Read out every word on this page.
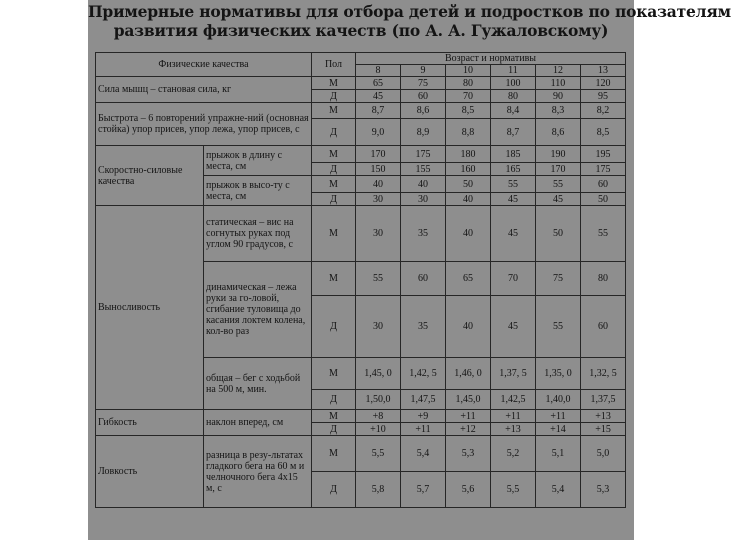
Примерные нормативы для отбора детей и подростков по показателям
развития физических качеств (по А. А. Гужаловскому)
Физические качества		Пол	Возраст и нормативы					
			8	9	10	11	12	13
Сила мышц – становая сила, кг		М	65	75	80	100	110	120
		Д	45	60	70	80	90	95
Быстрота – 6 повторений упражне-ний (основная стойка) упор присев, упор лежа, упор присев, с		М	8,7	8,6	8,5	8,4	8,3	8,2
		Д	9,0	8,9	8,8	8,7	8,6	8,5
Скоростно-силовые качества	прыжок в длину с места, см	М	170	175	180	185	190	195
		Д	150	155	160	165	170	175
	прыжок в высо-ту с места, см	М	40	40	50	55	55	60
		Д	30	30	40	45	45	50
Выносливость	статическая – вис на согнутых руках под углом 90 градусов, с	М	30	35	40	45	50	55
	динамическая – лежа руки за го-ловой, сгибание туловища до касания локтем колена, кол-во раз	М	55	60	65	70	75	80
		Д	30	35	40	45	55	60
	общая – бег с ходьбой на 500 м, мин.	М	1,45, 0	1,42, 5	1,46, 0	1,37, 5	1,35, 0	1,32, 5
		Д	1,50,0	1,47,5	1,45,0	1,42,5	1,40,0	1,37,5
Гибкость	наклон вперед, см	М	+8	+9	+11	+11	+11	+13
		Д	+10	+11	+12	+13	+14	+15
Ловкость	разница в резу-льтатах гладкого бега на 60 м и челночного бега 4х15 м, с	М	5,5	5,4	5,3	5,2	5,1	5,0
		Д	5,8	5,7	5,6	5,5	5,4	5,3
